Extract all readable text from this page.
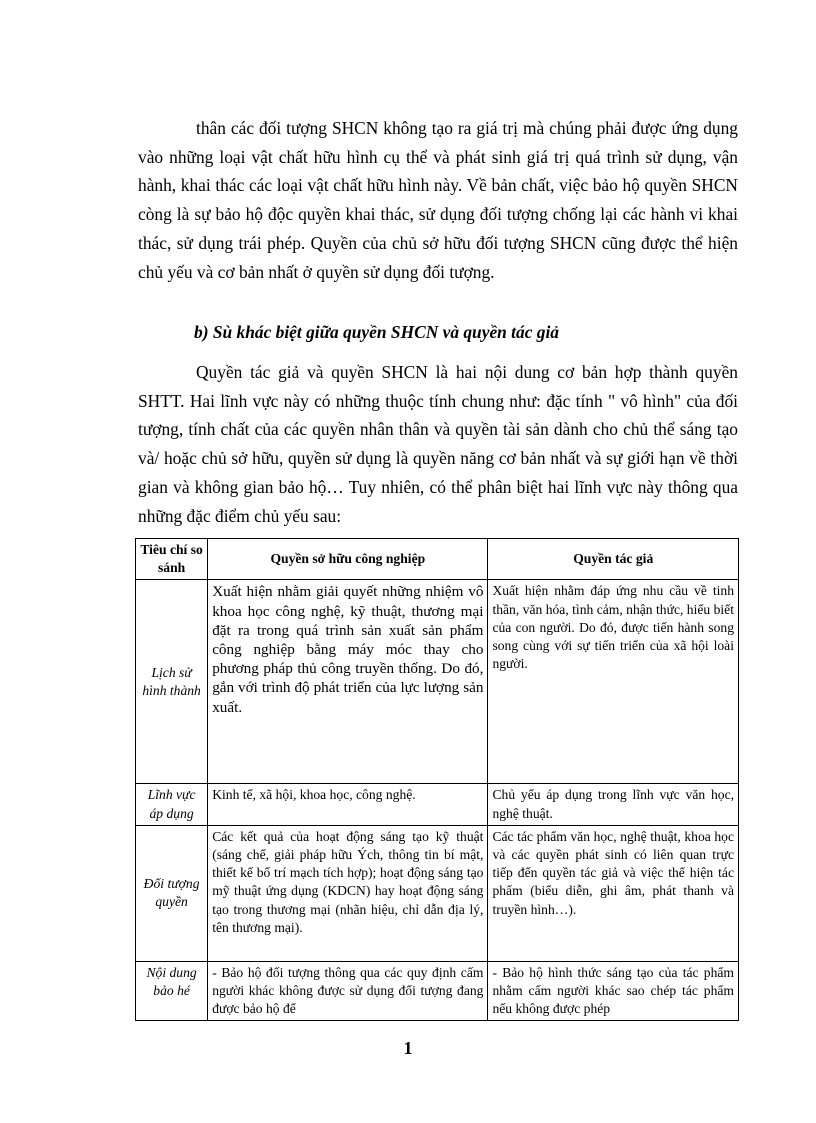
thân các đối tượng SHCN không tạo ra giá trị mà chúng phải được ứng dụng vào những loại vật chất hữu hình cụ thể và phát sinh giá trị quá trình sử dụng, vận hành, khai thác các loại vật chất hữu hình này. Về bản chất, việc bảo hộ quyền SHCN còng là sự bảo hộ độc quyền khai thác, sử dụng đối tượng chống lại các hành vi khai thác, sử dụng trái phép. Quyền của chủ sở hữu đối tượng SHCN cũng được thể hiện chủ yếu và cơ bản nhất ở quyền sử dụng đối tượng.

b) Sù khác biệt giữa quyền SHCN và quyền tác giả

Quyền tác giả và quyền SHCN là hai nội dung cơ bản hợp thành quyền SHTT. Hai lĩnh vực này có những thuộc tính chung như: đặc tính " vô hình" của đối tượng, tính chất của các quyền nhân thân và quyền tài sản dành cho chủ thể sáng tạo và/ hoặc chủ sở hữu, quyền sử dụng là quyền năng cơ bản nhất và sự giới hạn về thời gian và không gian bảo hộ… Tuy nhiên, có thể phân biệt hai lĩnh vực này thông qua những đặc điểm chủ yếu sau:

Tiêu chí so sánh	Quyền sở hữu công nghiệp	Quyền tác giả
Lịch sử hình thành	Xuất hiện nhằm giải quyết những nhiệm vô khoa học công nghệ, kỹ thuật, thương mại đặt ra trong quá trình sản xuất sản phẩm công nghiệp bằng máy móc thay cho phương pháp thủ công truyền thống. Do đó, gắn với trình độ phát triển của lực lượng sản xuất.	Xuất hiện nhằm đáp ứng nhu cầu về tinh thần, văn hóa, tình cảm, nhận thức, hiểu biết của con người. Do đó, được tiến hành song song cùng với sự tiến triển của xã hội loài người.
Lĩnh vực áp dụng	Kinh tế, xã hội, khoa học, công nghệ.	Chủ yếu áp dụng trong lĩnh vực văn học, nghệ thuật.
Đối tượng quyền	Các kết quả của hoạt động sáng tạo kỹ thuật (sáng chế, giải pháp hữu Ých, thông tin bí mật, thiết kế bố trí mạch tích hợp); hoạt động sáng tạo mỹ thuật ứng dụng (KDCN) hay hoạt động sáng tạo trong thương mại (nhãn hiệu, chỉ dẫn địa lý, tên thương mại).	Các tác phẩm văn học, nghệ thuật, khoa học và các quyền phát sinh có liên quan trực tiếp đến quyền tác giả và việc thể hiện tác phẩm (biểu diễn, ghi âm, phát thanh và truyền hình…).
Nội dung bảo hé	- Bảo hộ đối tượng thông qua các quy định cấm người khác không được sử dụng đối tượng đang được bảo hộ để	- Bảo hộ hình thức sáng tạo của tác phẩm nhằm cấm người khác sao chép tác phẩm nếu không được phép

1
